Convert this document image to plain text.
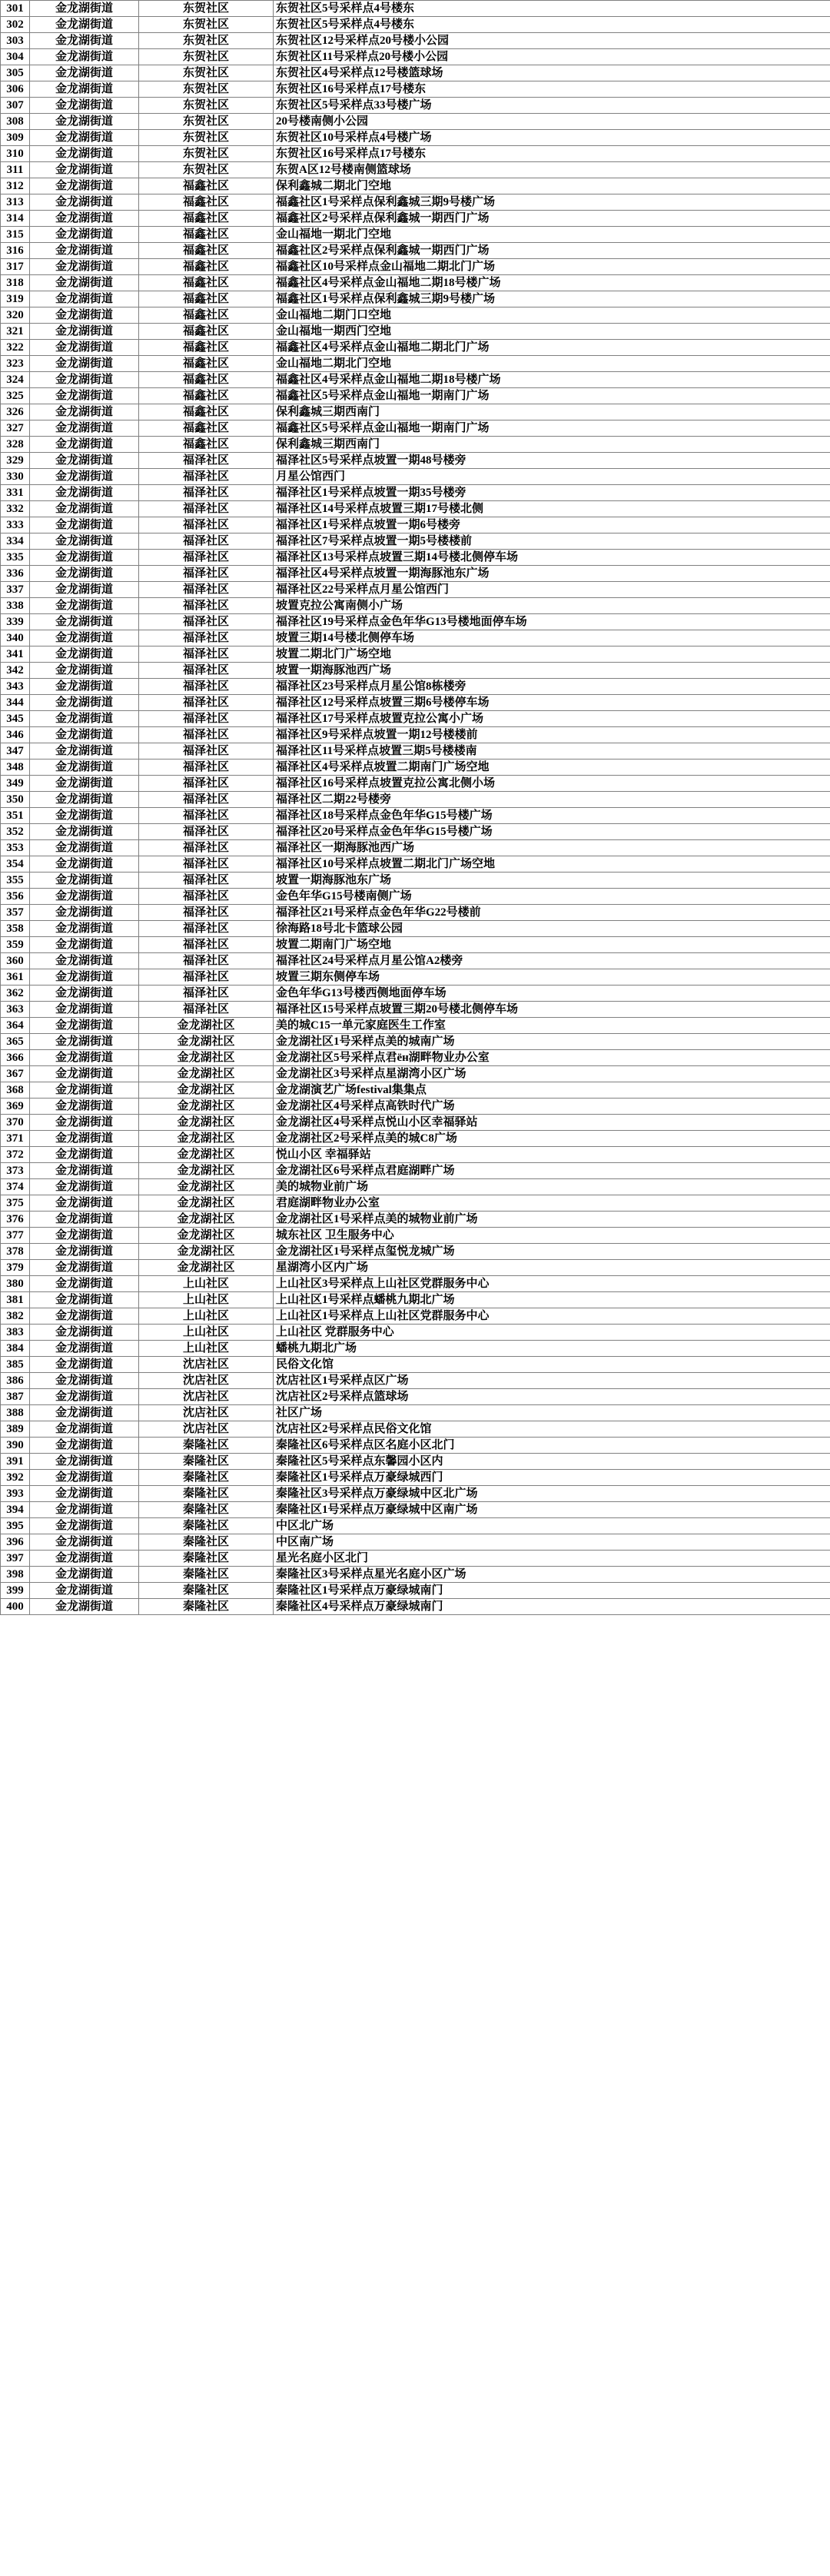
301	金龙湖街道	东贺社区	东贺社区5号采样点4号楼东
302	金龙湖街道	东贺社区	东贺社区5号采样点4号楼东
303	金龙湖街道	东贺社区	东贺社区12号采样点20号楼小公园
304	金龙湖街道	东贺社区	东贺社区11号采样点20号楼小公园
305	金龙湖街道	东贺社区	东贺社区4号采样点12号楼篮球场
306	金龙湖街道	东贺社区	东贺社区16号采样点17号楼东
307	金龙湖街道	东贺社区	东贺社区5号采样点33号楼广场
308	金龙湖街道	东贺社区	20号楼南侧小公园
309	金龙湖街道	东贺社区	东贺社区10号采样点4号楼广场
310	金龙湖街道	东贺社区	东贺社区16号采样点17号楼东
311	金龙湖街道	东贺社区	东贺A区12号楼南侧篮球场
312	金龙湖街道	福鑫社区	保利鑫城二期北门空地
313	金龙湖街道	福鑫社区	福鑫社区1号采样点保利鑫城三期9号楼广场
314	金龙湖街道	福鑫社区	福鑫社区2号采样点保利鑫城一期西门广场
315	金龙湖街道	福鑫社区	金山福地一期北门空地
316	金龙湖街道	福鑫社区	福鑫社区2号采样点保利鑫城一期西门广场
317	金龙湖街道	福鑫社区	福鑫社区10号采样点金山福地二期北门广场
318	金龙湖街道	福鑫社区	福鑫社区4号采样点金山福地二期18号楼广场
319	金龙湖街道	福鑫社区	福鑫社区1号采样点保利鑫城三期9号楼广场
320	金龙湖街道	福鑫社区	金山福地二期门口空地
321	金龙湖街道	福鑫社区	金山福地一期西门空地
322	金龙湖街道	福鑫社区	福鑫社区4号采样点金山福地二期北门广场
323	金龙湖街道	福鑫社区	金山福地二期北门空地
324	金龙湖街道	福鑫社区	福鑫社区4号采样点金山福地二期18号楼广场
325	金龙湖街道	福鑫社区	福鑫社区5号采样点金山福地一期南门广场
326	金龙湖街道	福鑫社区	保利鑫城三期西南门
327	金龙湖街道	福鑫社区	福鑫社区5号采样点金山福地一期南门广场
328	金龙湖街道	福鑫社区	保利鑫城三期西南门
329	金龙湖街道	福泽社区	福泽社区5号采样点坡置一期48号楼旁
330	金龙湖街道	福泽社区	月星公馆西门
331	金龙湖街道	福泽社区	福泽社区1号采样点坡置一期35号楼旁
332	金龙湖街道	福泽社区	福泽社区14号采样点坡置三期17号楼北侧
333	金龙湖街道	福泽社区	福泽社区1号采样点坡置一期6号楼旁
334	金龙湖街道	福泽社区	福泽社区7号采样点坡置一期5号楼楼前
335	金龙湖街道	福泽社区	福泽社区13号采样点坡置三期14号楼北侧停车场
336	金龙湖街道	福泽社区	福泽社区4号采样点坡置一期海豚池东广场
337	金龙湖街道	福泽社区	福泽社区22号采样点月星公馆西门
338	金龙湖街道	福泽社区	坡置克拉公寓南侧小广场
339	金龙湖街道	福泽社区	福泽社区19号采样点金色年华G13号楼地面停车场
340	金龙湖街道	福泽社区	坡置三期14号楼北侧停车场
341	金龙湖街道	福泽社区	坡置二期北门广场空地
342	金龙湖街道	福泽社区	坡置一期海豚池西广场
343	金龙湖街道	福泽社区	福泽社区23号采样点月星公馆8栋楼旁
344	金龙湖街道	福泽社区	福泽社区12号采样点坡置三期6号楼停车场
345	金龙湖街道	福泽社区	福泽社区17号采样点坡置克拉公寓小广场
346	金龙湖街道	福泽社区	福泽社区9号采样点坡置一期12号楼楼前
347	金龙湖街道	福泽社区	福泽社区11号采样点坡置三期5号楼楼南
348	金龙湖街道	福泽社区	福泽社区4号采样点坡置二期南门广场空地
349	金龙湖街道	福泽社区	福泽社区16号采样点坡置克拉公寓北侧小场
350	金龙湖街道	福泽社区	福泽社区二期22号楼旁
351	金龙湖街道	福泽社区	福泽社区18号采样点金色年华G15号楼广场
352	金龙湖街道	福泽社区	福泽社区20号采样点金色年华G15号楼广场
353	金龙湖街道	福泽社区	福泽社区一期海豚池西广场
354	金龙湖街道	福泽社区	福泽社区10号采样点坡置二期北门广场空地
355	金龙湖街道	福泽社区	坡置一期海豚池东广场
356	金龙湖街道	福泽社区	金色年华G15号楼南侧广场
357	金龙湖街道	福泽社区	福泽社区21号采样点金色年华G22号楼前
358	金龙湖街道	福泽社区	徐海路18号北卡篮球公园
359	金龙湖街道	福泽社区	坡置二期南门广场空地
360	金龙湖街道	福泽社区	福泽社区24号采样点月星公馆A2楼旁
361	金龙湖街道	福泽社区	坡置三期东侧停车场
362	金龙湖街道	福泽社区	金色年华G13号楼西侧地面停车场
363	金龙湖街道	福泽社区	福泽社区15号采样点坡置三期20号楼北侧停车场
364	金龙湖街道	金龙湖社区	美的城C15一单元家庭医生工作室
365	金龙湖街道	金龙湖社区	金龙湖社区1号采样点美的城南广场
366	金龙湖街道	金龙湖社区	金龙湖社区5号采样点君ён湖畔物业办公室
367	金龙湖街道	金龙湖社区	金龙湖社区3号采样点星湖湾小区广场
368	金龙湖街道	金龙湖社区	金龙湖演艺广场festival集集点
369	金龙湖街道	金龙湖社区	金龙湖社区4号采样点高铁时代广场
370	金龙湖街道	金龙湖社区	金龙湖社区4号采样点悦山小区幸福驿站
371	金龙湖街道	金龙湖社区	金龙湖社区2号采样点美的城C8广场
372	金龙湖街道	金龙湖社区	悦山小区 幸福驿站
373	金龙湖街道	金龙湖社区	金龙湖社区6号采样点君庭湖畔广场
374	金龙湖街道	金龙湖社区	美的城物业前广场
375	金龙湖街道	金龙湖社区	君庭湖畔物业办公室
376	金龙湖街道	金龙湖社区	金龙湖社区1号采样点美的城物业前广场
377	金龙湖街道	金龙湖社区	城东社区 卫生服务中心
378	金龙湖街道	金龙湖社区	金龙湖社区1号采样点玺悦龙城广场
379	金龙湖街道	金龙湖社区	星湖湾小区内广场
380	金龙湖街道	上山社区	上山社区3号采样点上山社区党群服务中心
381	金龙湖街道	上山社区	上山社区1号采样点蟠桃九期北广场
382	金龙湖街道	上山社区	上山社区1号采样点上山社区党群服务中心
383	金龙湖街道	上山社区	上山社区 党群服务中心
384	金龙湖街道	上山社区	蟠桃九期北广场
385	金龙湖街道	沈店社区	民俗文化馆
386	金龙湖街道	沈店社区	沈店社区1号采样点区广场
387	金龙湖街道	沈店社区	沈店社区2号采样点篮球场
388	金龙湖街道	沈店社区	社区广场
389	金龙湖街道	沈店社区	沈店社区2号采样点民俗文化馆
390	金龙湖街道	秦隆社区	秦隆社区6号采样点区名庭小区北门
391	金龙湖街道	秦隆社区	秦隆社区5号采样点东馨园小区内
392	金龙湖街道	秦隆社区	秦隆社区1号采样点万豪绿城西门
393	金龙湖街道	秦隆社区	秦隆社区3号采样点万豪绿城中区北广场
394	金龙湖街道	秦隆社区	秦隆社区1号采样点万豪绿城中区南广场
395	金龙湖街道	秦隆社区	中区北广场
396	金龙湖街道	秦隆社区	中区南广场
397	金龙湖街道	秦隆社区	星光名庭小区北门
398	金龙湖街道	秦隆社区	秦隆社区3号采样点星光名庭小区广场
399	金龙湖街道	秦隆社区	秦隆社区1号采样点万豪绿城南门
400	金龙湖街道	秦隆社区	秦隆社区4号采样点万豪绿城南门
